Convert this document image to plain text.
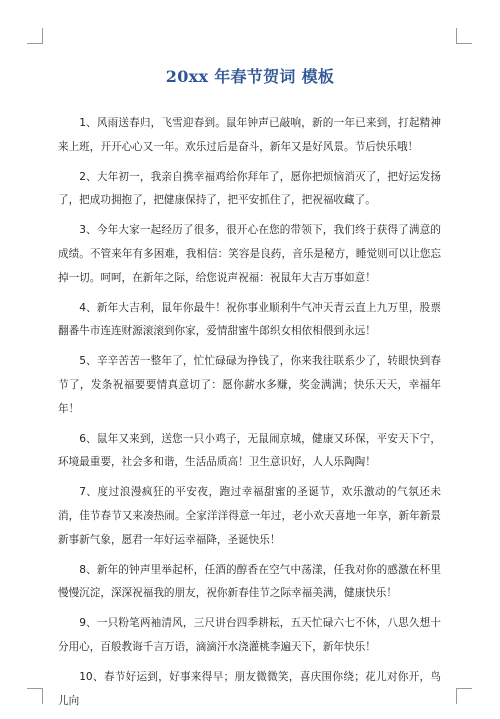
20xx 年春节贺词 模板

1、风雨送春归，飞雪迎春到。鼠年钟声已敲响，新的一年已来到，打起精神来上班，开开心心又一年。欢乐过后是奋斗，新年又是好风景。节后快乐哦！

2、大年初一，我亲自携幸福鸡给你拜年了，愿你把烦恼消灭了，把好运发扬了，把成功拥抱了，把健康保持了，把平安抓住了，把祝福收藏了。

3、今年大家一起经历了很多，很开心在您的带领下，我们终于获得了满意的成绩。不管来年有多困难，我相信：笑容是良药，音乐是秘方，睡觉则可以让您忘掉一切。呵呵，在新年之际，给您说声祝福：祝鼠年大吉万事如意！

4、新年大吉利，鼠年你最牛！祝你事业顺利牛气冲天青云直上九万里，股票翻番牛市连连财源滚滚到你家，爱情甜蜜牛郎织女相依相偎到永远！

5、辛辛苦苦一整年了，忙忙碌碌为挣钱了，你来我往联系少了，转眼快到春节了，发条祝福要要情真意切了：愿你薪水多赚，奖金满满；快乐天天，幸福年年！

6、鼠年又来到，送您一只小鸡子，无鼠闹京城，健康又环保，平安天下宁，环境最重要，社会多和谐，生活品质高！卫生意识好，人人乐陶陶！

7、度过浪漫疯狂的平安夜，跑过幸福甜蜜的圣诞节，欢乐激动的气氛还未消，佳节春节又来凑热闹。全家洋洋得意一年过，老小欢天喜地一年享，新年新景新事新气象，愿君一年好运幸福降，圣诞快乐！

8、新年的钟声里举起杯，任酒的醇香在空气中荡漾，任我对你的感激在杯里慢慢沉淀，深深祝福我的朋友，祝你新春佳节之际幸福美满，健康快乐！

9、一只粉笔两袖清风，三尺讲台四季耕耘，五天忙碌六七不休，八思久想十分用心，百般教诲千言万语，滴滴汗水浇灌桃李遍天下，新年快乐！

10、春节好运到，好事来得早；朋友微微笑，喜庆围你绕；花儿对你开，鸟儿向
